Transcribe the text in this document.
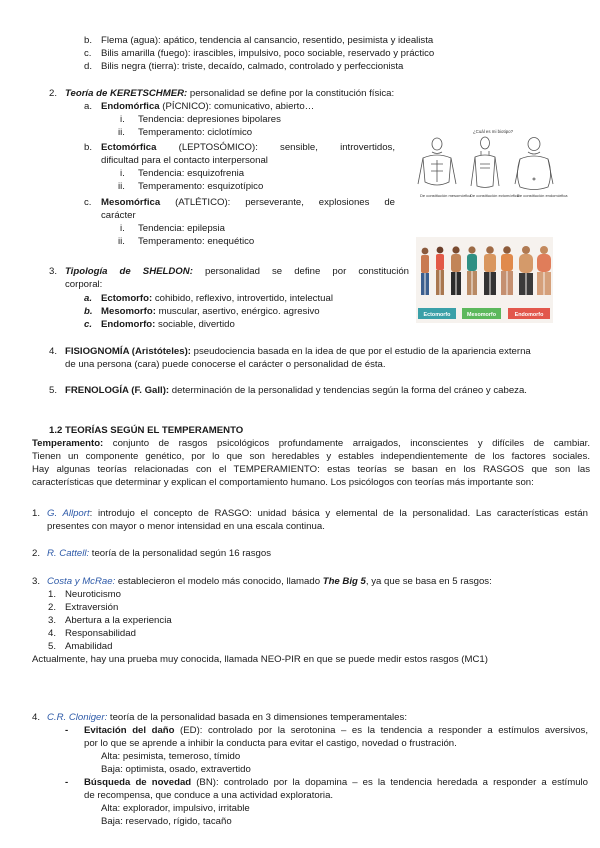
b. Flema (agua): apático, tendencia al cansancio, resentido, pesimista y idealista
c. Bilis amarilla (fuego): irascibles, impulsivo, poco sociable, reservado y práctico
d. Bilis negra (tierra): triste, decaído, calmado, controlado y perfeccionista
2. Teoría de KERETSCHMER: personalidad se define por la constitución física:
a. Endomórfica (PÍCNICO): comunicativo, abierto…
i. Tendencia: depresiones bipolares
ii. Temperamento: ciclotímico
b. Ectomórfica (LEPTOSÓMICO): sensible, introvertidos,
dificultad para el contacto interpersonal
i. Tendencia: esquizofrenia
ii. Temperamento: esquizotípico
c. Mesomórfica (ATLÉTICO): perseverante, explosiones de
carácter
i. Tendencia: epilepsia
ii. Temperamento: enequético
¿Cuál es mi biotipo?
De constitución mesomórfica
De constitución ectomórfica
De constitución endomórfica
3. Tipología de SHELDON: personalidad se define por constitución
corporal:
a. Ectomorfo: cohibido, reflexivo, introvertido, intelectual
b. Mesomorfo: muscular, asertivo, enérgico. agresivo
c. Endomorfo: sociable, divertido
Ectomorfo	Mesomorfo	Endomorfo
4. FISIOGNOMÍA (Aristóteles): pseudociencia basada en la idea de que por el estudio de la apariencia externa
de una persona (cara) puede conocerse el carácter o personalidad de ésta.
5. FRENOLOGÍA (F. Gall): determinación de la personalidad y tendencias según la forma del cráneo y cabeza.
1.2 TEORÍAS SEGÚN EL TEMPERAMENTO
Temperamento: conjunto de rasgos psicológicos profundamente arraigados, inconscientes y difíciles de cambiar.
Tienen un componente genético, por lo que son heredables y estables independientemente de los factores sociales.
Hay algunas teorías relacionadas con el TEMPERAMIENTO: estas teorías se basan en los RASGOS que son las
características que determinar y explican el comportamiento humano. Los psicólogos con teorías más importante son:
1. G. Allport: introdujo el concepto de RASGO: unidad básica y elemental de la personalidad. Las características están
presentes con mayor o menor intensidad en una escala continua.
2. R. Cattell: teoría de la personalidad según 16 rasgos
3. Costa y McRae: establecieron el modelo más conocido, llamado The Big 5, ya que se basa en 5 rasgos:
1. Neuroticismo
2. Extraversión
3. Abertura a la experiencia
4. Responsabilidad
5. Amabilidad
Actualmente, hay una prueba muy conocida, llamada NEO-PIR en que se puede medir estos rasgos (MC1)
4. C.R. Cloniger: teoría de la personalidad basada en 3 dimensiones temperamentales:
- Evitación del daño (ED): controlado por la serotonina – es la tendencia a responder a estímulos aversivos,
por lo que se aprende a inhibir la conducta para evitar el castigo, novedad o frustración.
Alta: pesimista, temeroso, tímido
Baja: optimista, osado, extravertido
- Búsqueda de novedad (BN): controlado por la dopamina – es la tendencia heredada a responder a estímulo
de recompensa, que conduce a una actividad exploratoria.
Alta: explorador, impulsivo, irritable
Baja: reservado, rígido, tacaño
